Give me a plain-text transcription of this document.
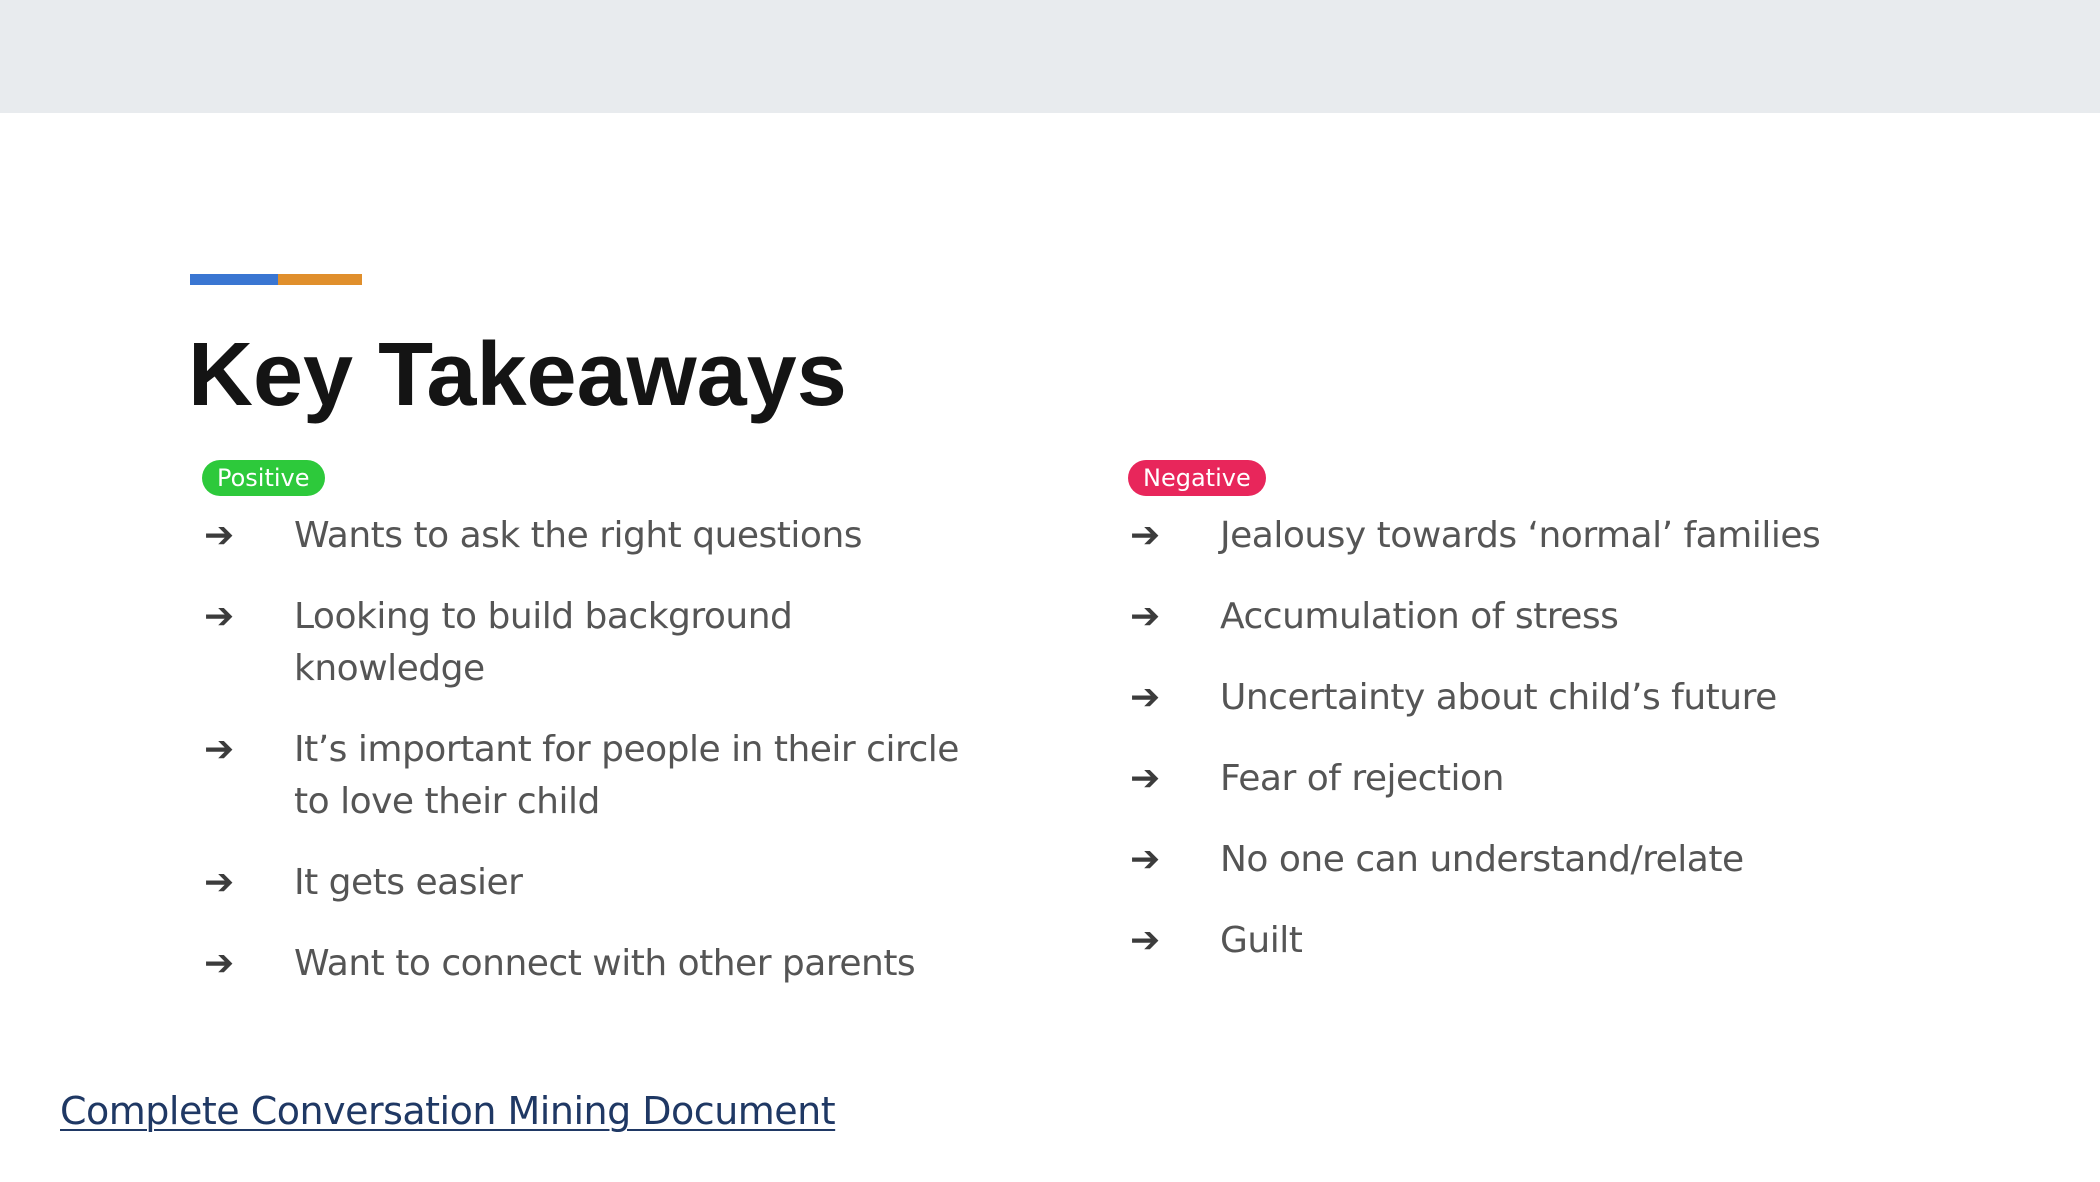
Key Takeaways
Positive
➔	Wants to ask the right questions
➔	Looking to build background knowledge
➔	It’s important for people in their circle to love their child
➔	It gets easier
➔	Want to connect with other parents
Negative
➔	Jealousy towards ‘normal’ families
➔	Accumulation of stress
➔	Uncertainty about child’s future
➔	Fear of rejection
➔	No one can understand/relate
➔	Guilt
Complete Conversation Mining Document
